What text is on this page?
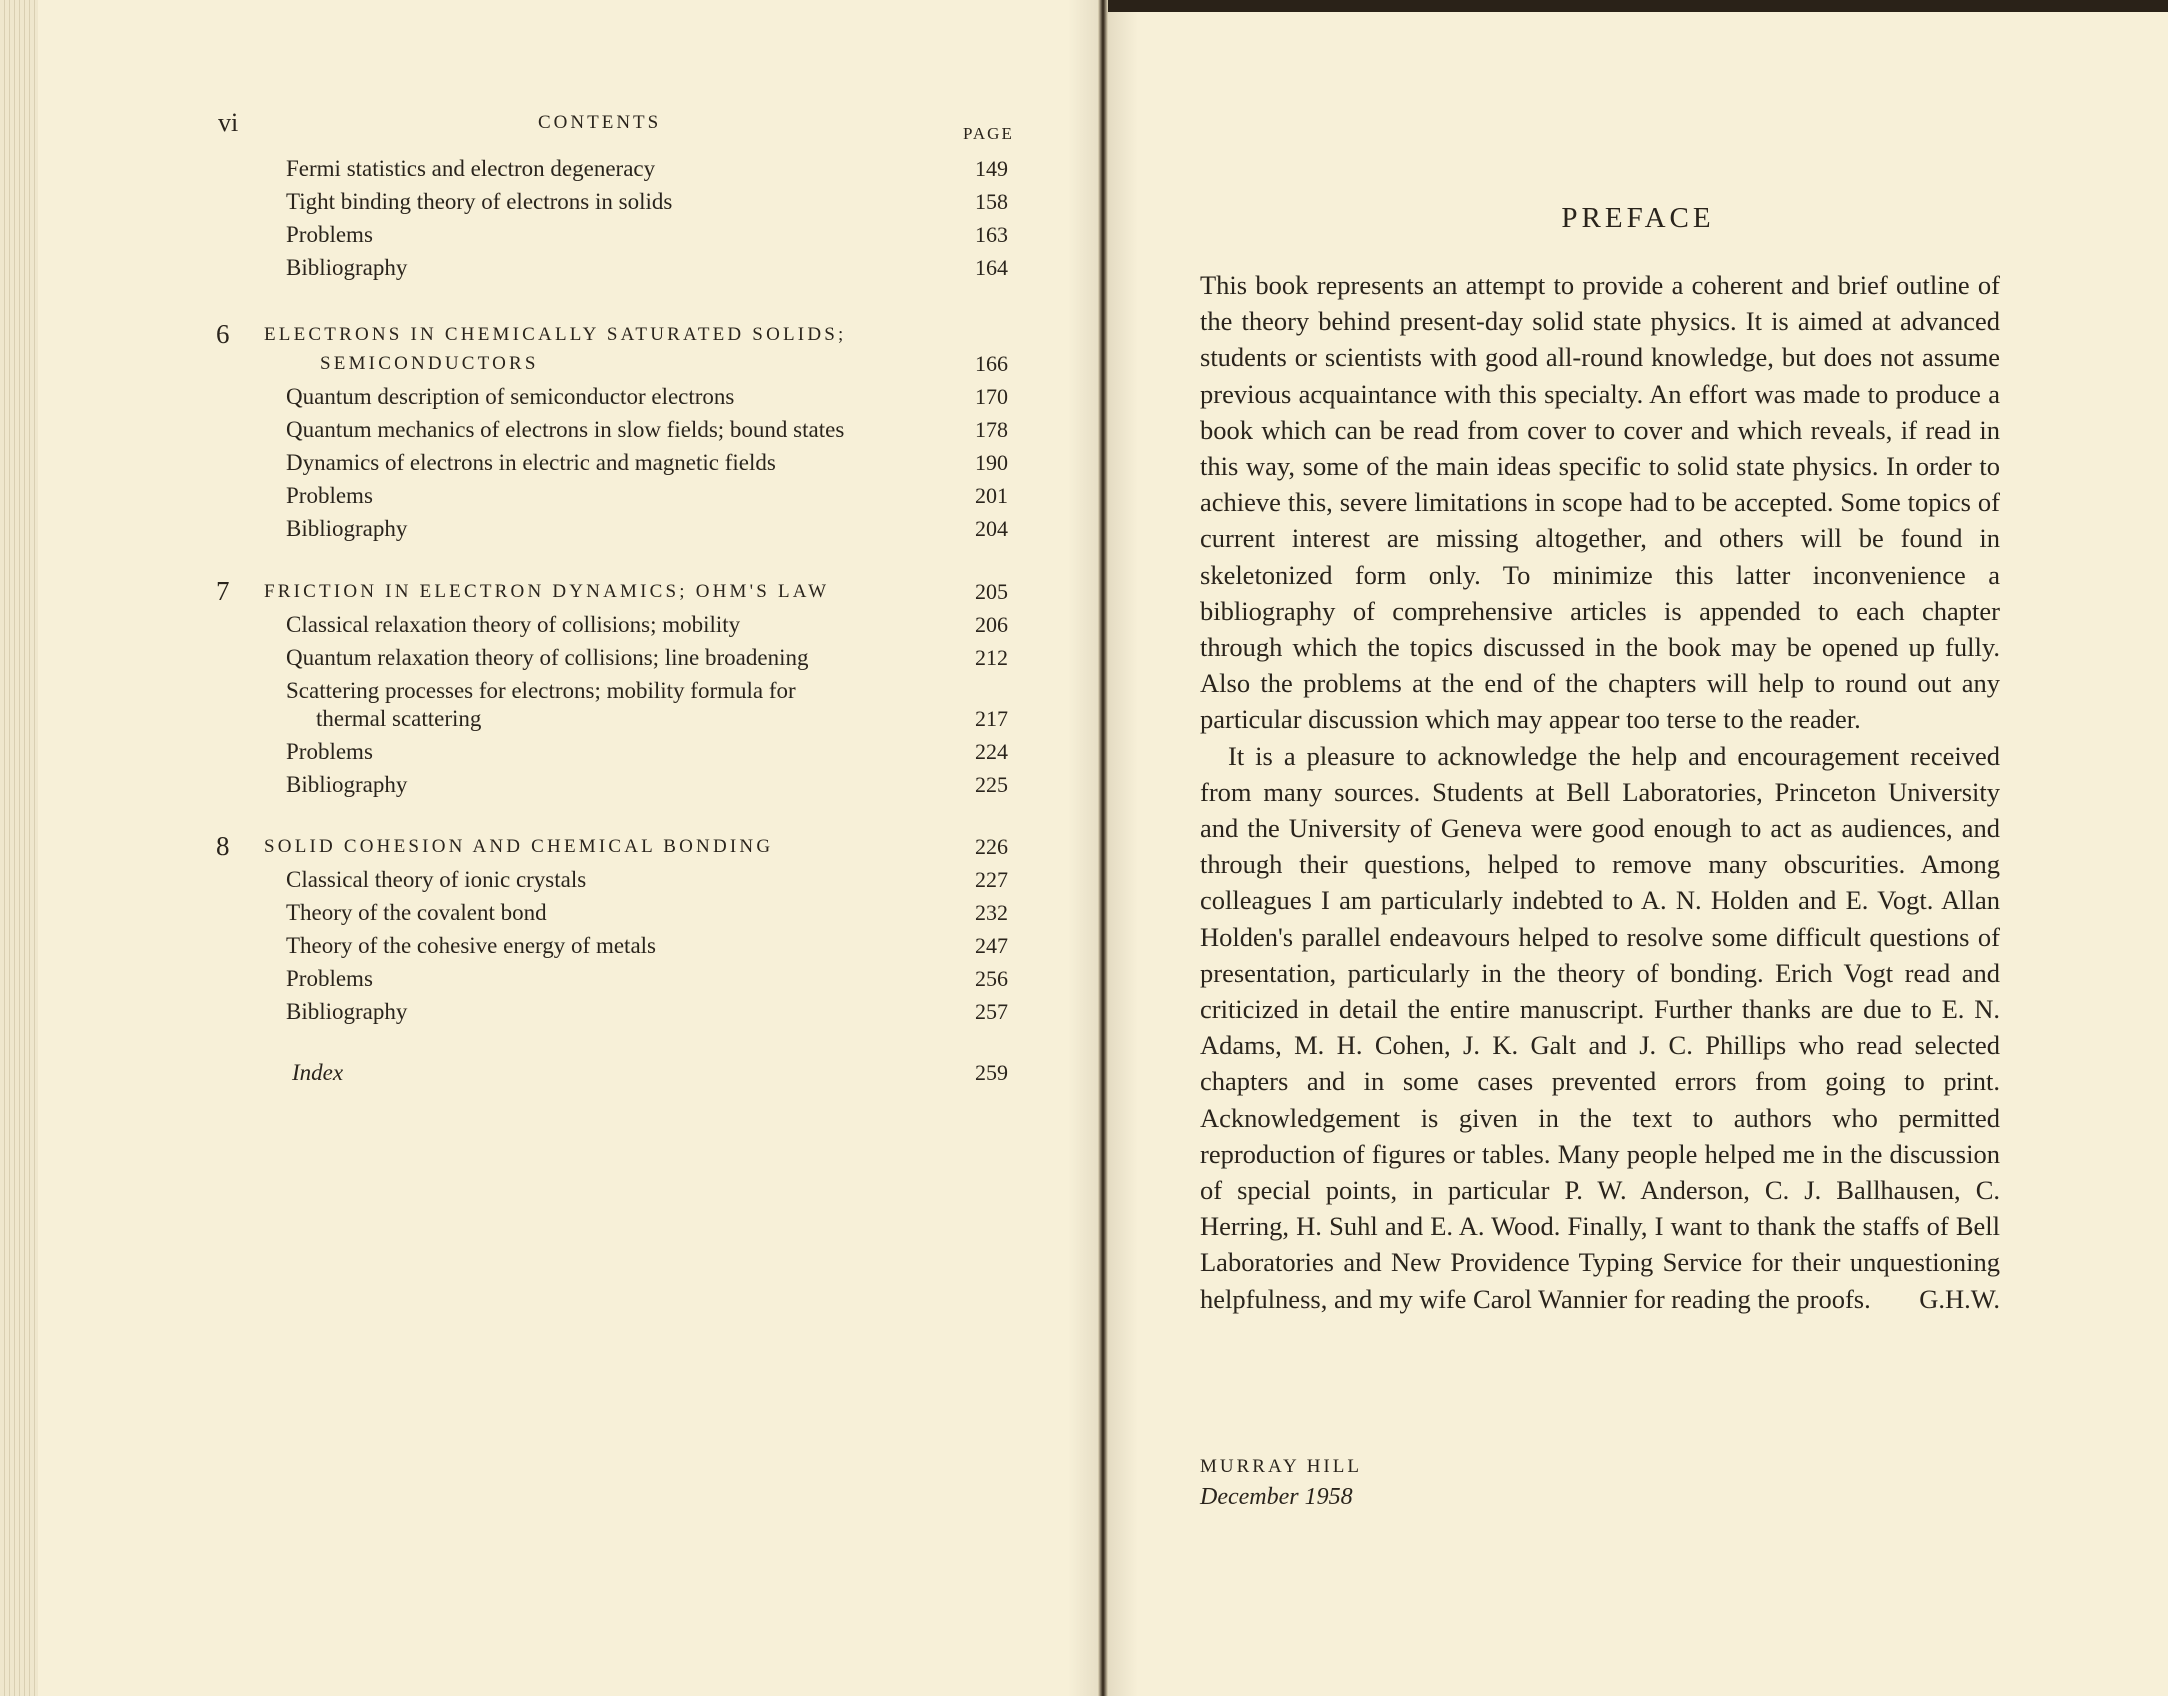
vi	CONTENTS
PAGE
Fermi statistics and electron degeneracy	149
Tight binding theory of electrons in solids	158
Problems	163
Bibliography	164
6 ELECTRONS IN CHEMICALLY SATURATED SOLIDS;
SEMICONDUCTORS	166
Quantum description of semiconductor electrons	170
Quantum mechanics of electrons in slow fields; bound states	178
Dynamics of electrons in electric and magnetic fields	190
Problems	201
Bibliography	204
7 FRICTION IN ELECTRON DYNAMICS; OHM'S LAW	205
Classical relaxation theory of collisions; mobility	206
Quantum relaxation theory of collisions; line broadening	212
Scattering processes for electrons; mobility formula for
thermal scattering	217
Problems	224
Bibliography	225
8 SOLID COHESION AND CHEMICAL BONDING	226
Classical theory of ionic crystals	227
Theory of the covalent bond	232
Theory of the cohesive energy of metals	247
Problems	256
Bibliography	257
Index	259
PREFACE

This book represents an attempt to provide a coherent and brief outline of the theory behind present-day solid state physics. It is aimed at advanced students or scientists with good all-round knowledge, but does not assume previous acquaintance with this specialty. An effort was made to produce a book which can be read from cover to cover and which reveals, if read in this way, some of the main ideas specific to solid state physics. In order to achieve this, severe limitations in scope had to be accepted. Some topics of current interest are missing altogether, and others will be found in skeletonized form only. To minimize this latter inconvenience a bibliography of comprehensive articles is appended to each chapter through which the topics discussed in the book may be opened up fully. Also the problems at the end of the chapters will help to round out any particular discussion which may appear too terse to the reader.

It is a pleasure to acknowledge the help and encouragement received from many sources. Students at Bell Laboratories, Princeton University and the University of Geneva were good enough to act as audiences, and through their questions, helped to remove many obscurities. Among colleagues I am particularly indebted to A. N. Holden and E. Vogt. Allan Holden's parallel endeavours helped to resolve some difficult questions of presentation, particularly in the theory of bonding. Erich Vogt read and criticized in detail the entire manuscript. Further thanks are due to E. N. Adams, M. H. Cohen, J. K. Galt and J. C. Phillips who read selected chapters and in some cases prevented errors from going to print. Acknowledgement is given in the text to authors who permitted reproduction of figures or tables. Many people helped me in the discussion of special points, in particular P. W. Anderson, C. J. Ballhausen, C. Herring, H. Suhl and E. A. Wood. Finally, I want to thank the staffs of Bell Laboratories and New Providence Typing Service for their unquestioning helpfulness, and my wife Carol Wannier for reading the proofs.	G.H.W.

MURRAY HILL
December 1958
